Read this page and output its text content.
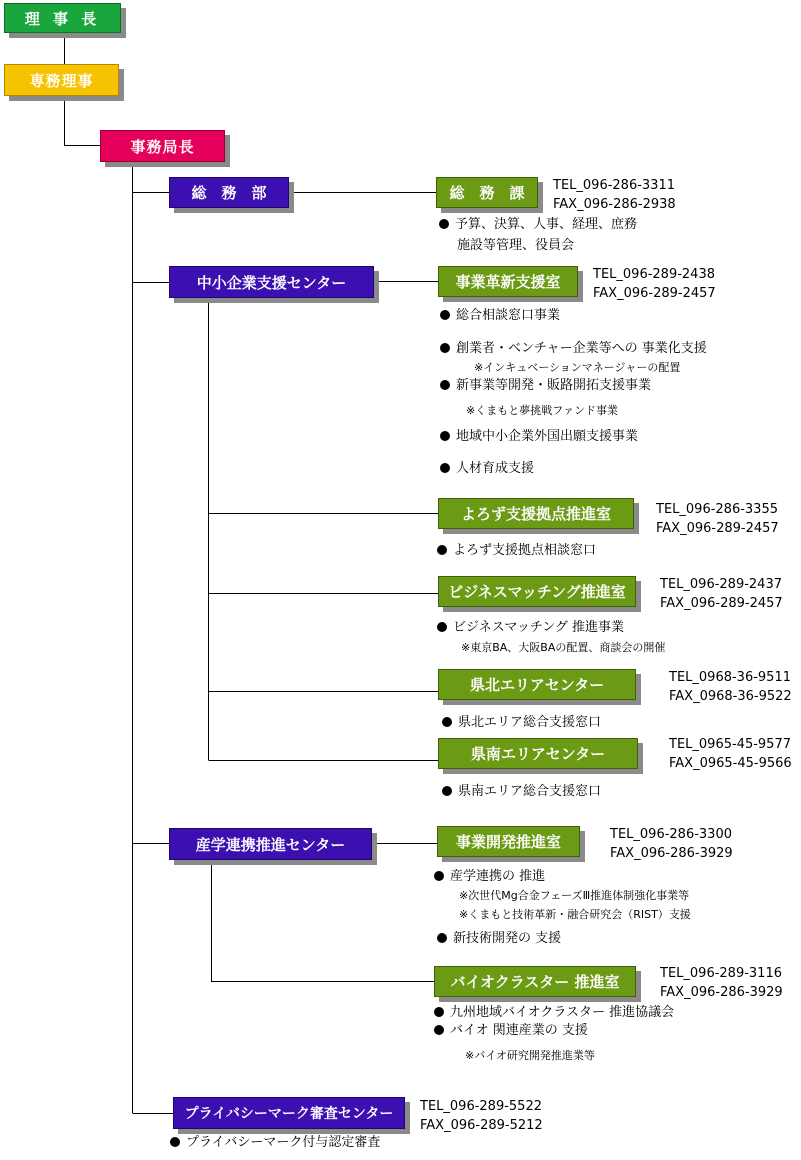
理 事 長
専務理事
事務局長
総　務　部
中小企業支援センター
産学連携推進センター
プライバシーマーク審査センター
総　務　課 TEL_096-286-3311
FAX_096-286-2938
予算、決算、人事、経理、庶務
施設等管理、役員会
事業革新支援室	TEL_096-289-2438
FAX_096-289-2457
総合相談窓口事業
創業者・ベンチャー企業等への 事業化支援
※インキュベーションマネージャーの配置
新事業等開発・販路開拓支援事業
※くまもと夢挑戦ファンド事業
地域中小企業外国出願支援事業
人材育成支援
よろず支援拠点推進室	TEL_096-286-3355
FAX_096-289-2457
よろず支援拠点相談窓口
ビジネスマッチング推進室	TEL_096-289-2437
FAX_096-289-2457
ビジネスマッチング 推進事業
※東京BA、大阪BAの配置、商談会の開催
県北エリアセンター	TEL_0968-36-9511
FAX_0968-36-9522
県北エリア総合支援窓口
県南エリアセンター
TEL_0965-45-9577
FAX_0965-45-9566
県南エリア総合支援窓口
事業開発推進室	TEL_096-286-3300
FAX_096-286-3929
産学連携の 推進
※次世代Mg合金フェーズⅢ推進体制強化事業等
※くまもと技術革新・融合研究会（RIST）支援
新技術開発の 支援
バイオクラスター 推進室	TEL_096-289-3116
FAX_096-286-3929
九州地域バイオクラスター 推進協議会
バイオ 関連産業の 支援
※バイオ研究開発推進業等
TEL_096-289-5522
FAX_096-289-5212
プライバシーマーク付与認定審査
